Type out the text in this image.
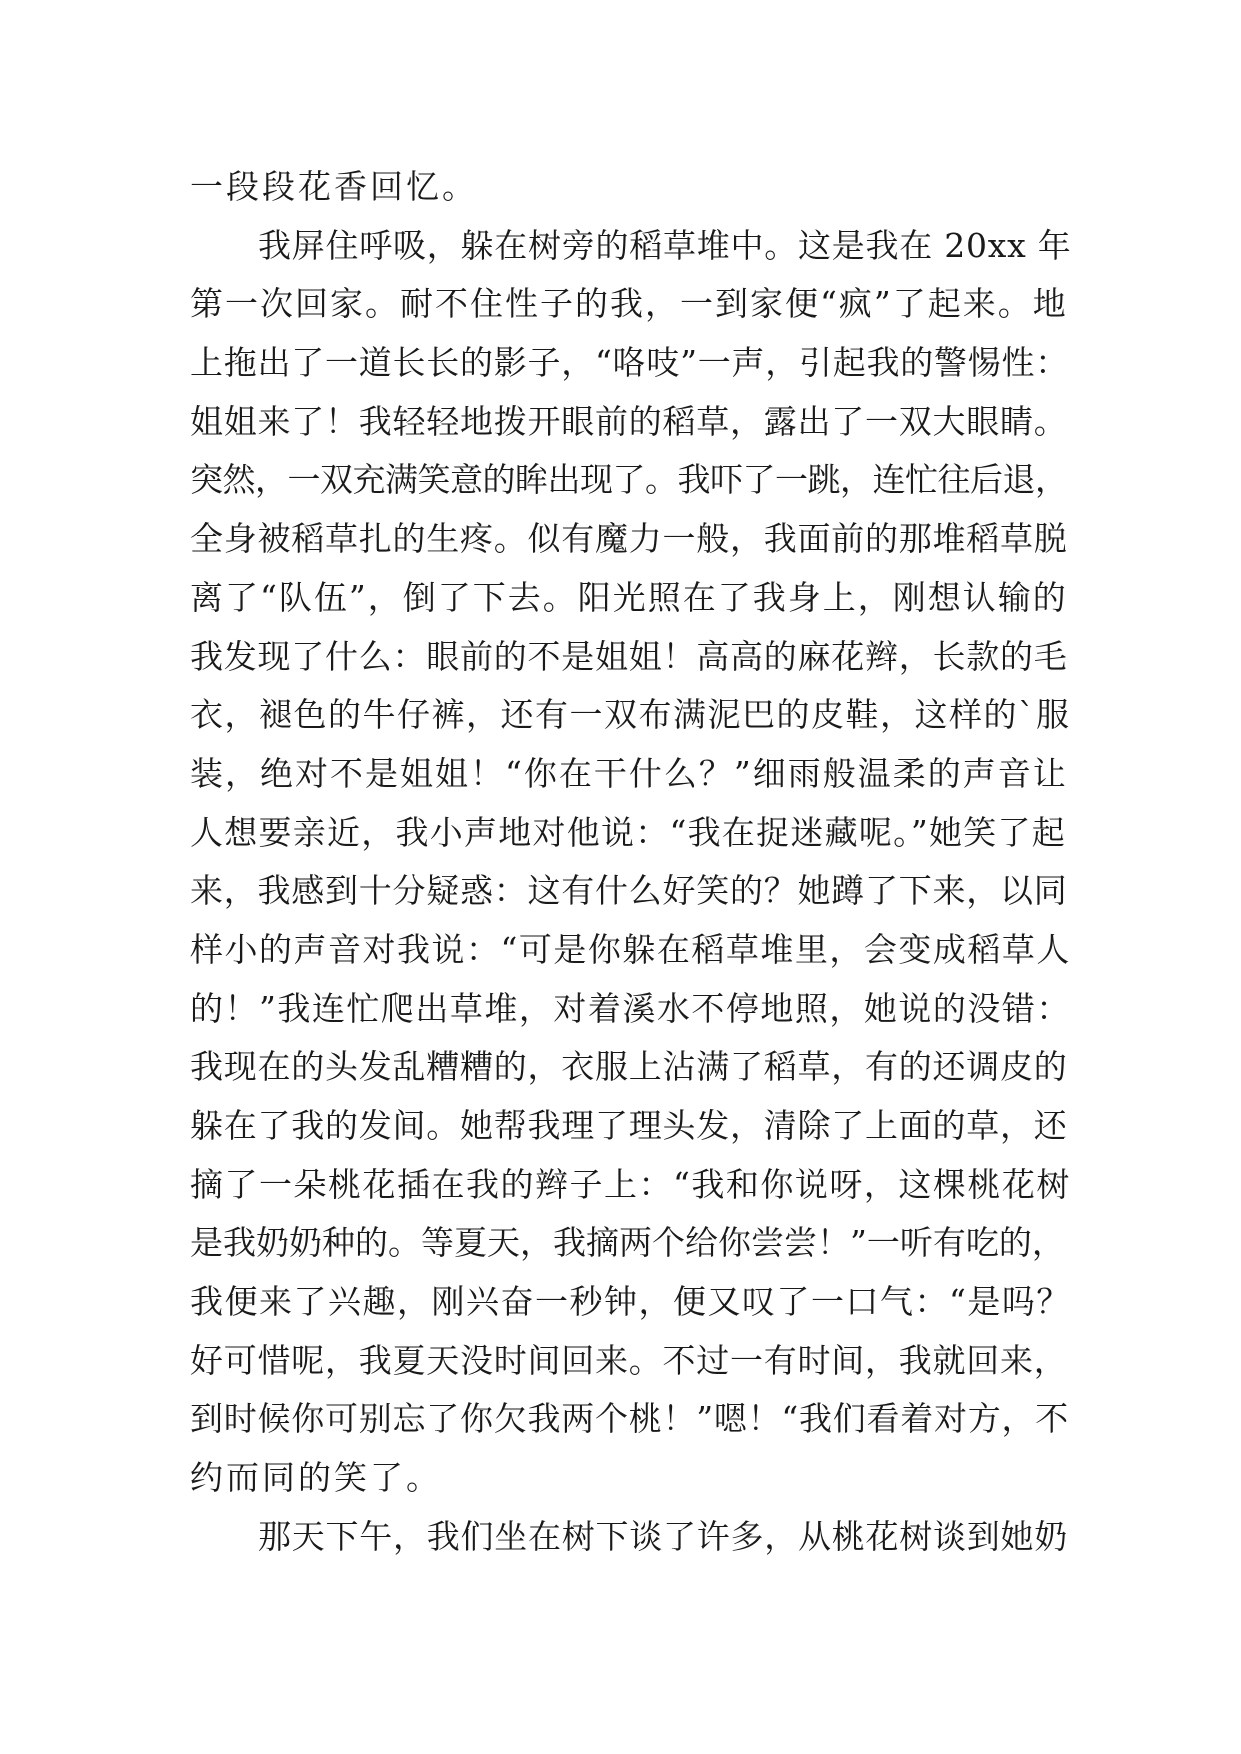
一段段花香回忆。
我屏住呼吸，躲在树旁的稻草堆中。这是我在 20xx 年
第一次回家。耐不住性子的我，一到家便“疯”了起来。地
上拖出了一道长长的影子，“咯吱”一声，引起我的警惕性：
姐姐来了！我轻轻地拨开眼前的稻草，露出了一双大眼睛。
突然，一双充满笑意的眸出现了。我吓了一跳，连忙往后退，
全身被稻草扎的生疼。似有魔力一般，我面前的那堆稻草脱
离了“队伍”，倒了下去。阳光照在了我身上，刚想认输的
我发现了什么：眼前的不是姐姐！高高的麻花辫，长款的毛
衣，褪色的牛仔裤，还有一双布满泥巴的皮鞋，这样的`服
装，绝对不是姐姐！“你在干什么？”细雨般温柔的声音让
人想要亲近，我小声地对他说：“我在捉迷藏呢。”她笑了起
来，我感到十分疑惑：这有什么好笑的？她蹲了下来，以同
样小的声音对我说：“可是你躲在稻草堆里，会变成稻草人
的！”我连忙爬出草堆，对着溪水不停地照，她说的没错：
我现在的头发乱糟糟的，衣服上沾满了稻草，有的还调皮的
躲在了我的发间。她帮我理了理头发，清除了上面的草，还
摘了一朵桃花插在我的辫子上：“我和你说呀，这棵桃花树
是我奶奶种的。等夏天，我摘两个给你尝尝！”一听有吃的，
我便来了兴趣，刚兴奋一秒钟，便又叹了一口气：“是吗？
好可惜呢，我夏天没时间回来。不过一有时间，我就回来，
到时候你可别忘了你欠我两个桃！”嗯！“我们看着对方，不
约而同的笑了。
那天下午，我们坐在树下谈了许多，从桃花树谈到她奶
